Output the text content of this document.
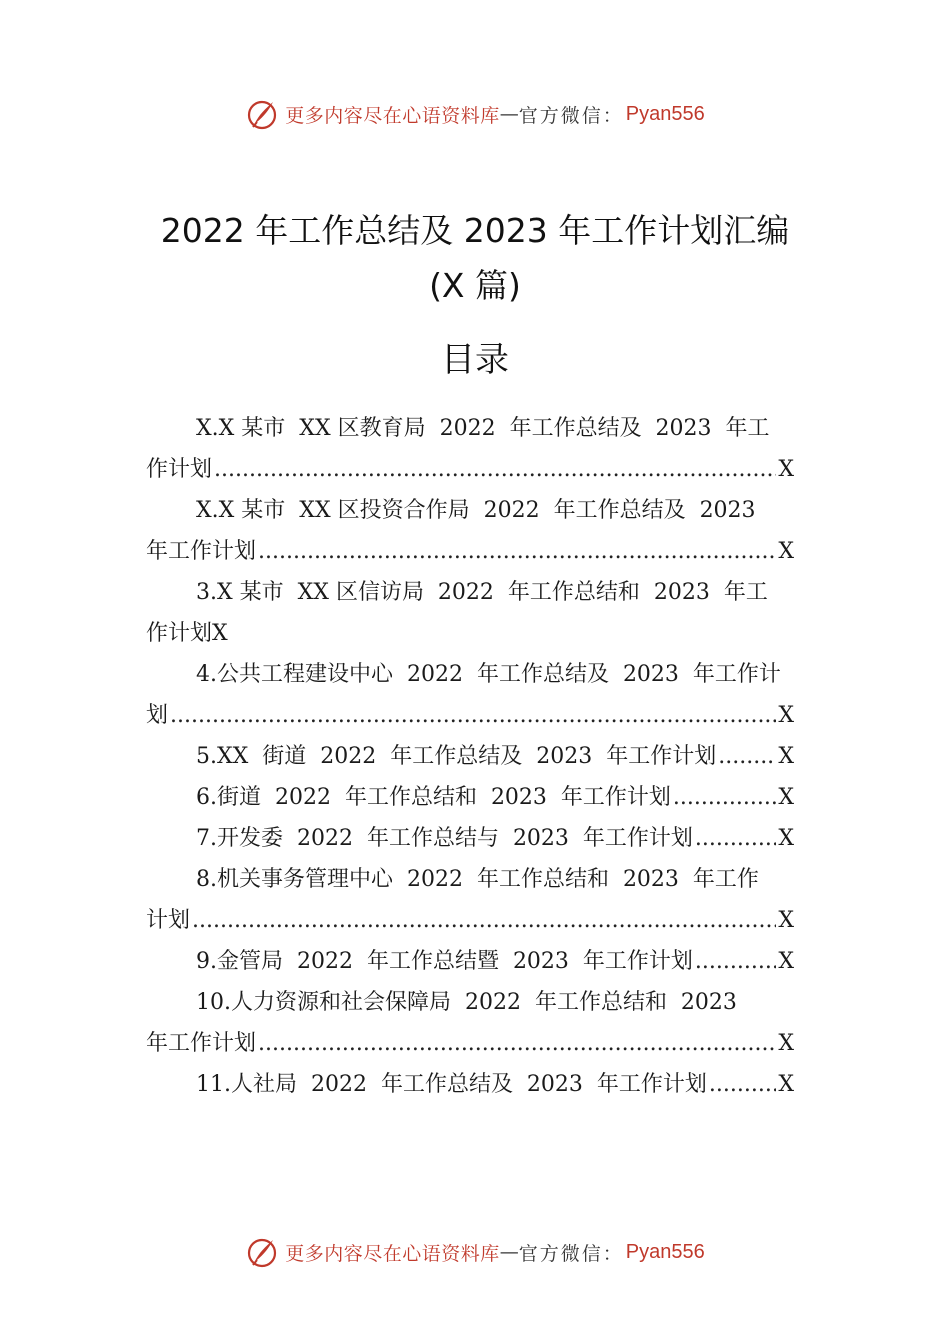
更多内容尽在心语资料库 — 官方微信： Pyan556
2022 年工作总结及 2023 年工作计划汇编
(X 篇)
目录
X.X 某市  XX 区教育局  2022  年工作总结及  2023  年工
作计划 .....	X
X.X 某市  XX 区投资合作局  2022  年工作总结及  2023
年工作计划 .....	X
3.X 某市  XX 区信访局  2022  年工作总结和  2023  年工
作计划X
4.公共工程建设中心  2022  年工作总结及  2023  年工作计
划 .....	X
5.XX  街道  2022  年工作总结及  2023  年工作计划 .....	X
6.街道  2022  年工作总结和  2023  年工作计划 .....	X
7.开发委  2022  年工作总结与  2023  年工作计划 .....	X
8.机关事务管理中心  2022  年工作总结和  2023  年工作
计划 .....	X
9.金管局  2022  年工作总结暨  2023  年工作计划 .....	X
10.人力资源和社会保障局  2022  年工作总结和  2023
年工作计划 .....	X
11.人社局  2022  年工作总结及  2023  年工作计划 .....	X
更多内容尽在心语资料库 — 官方微信： Pyan556
